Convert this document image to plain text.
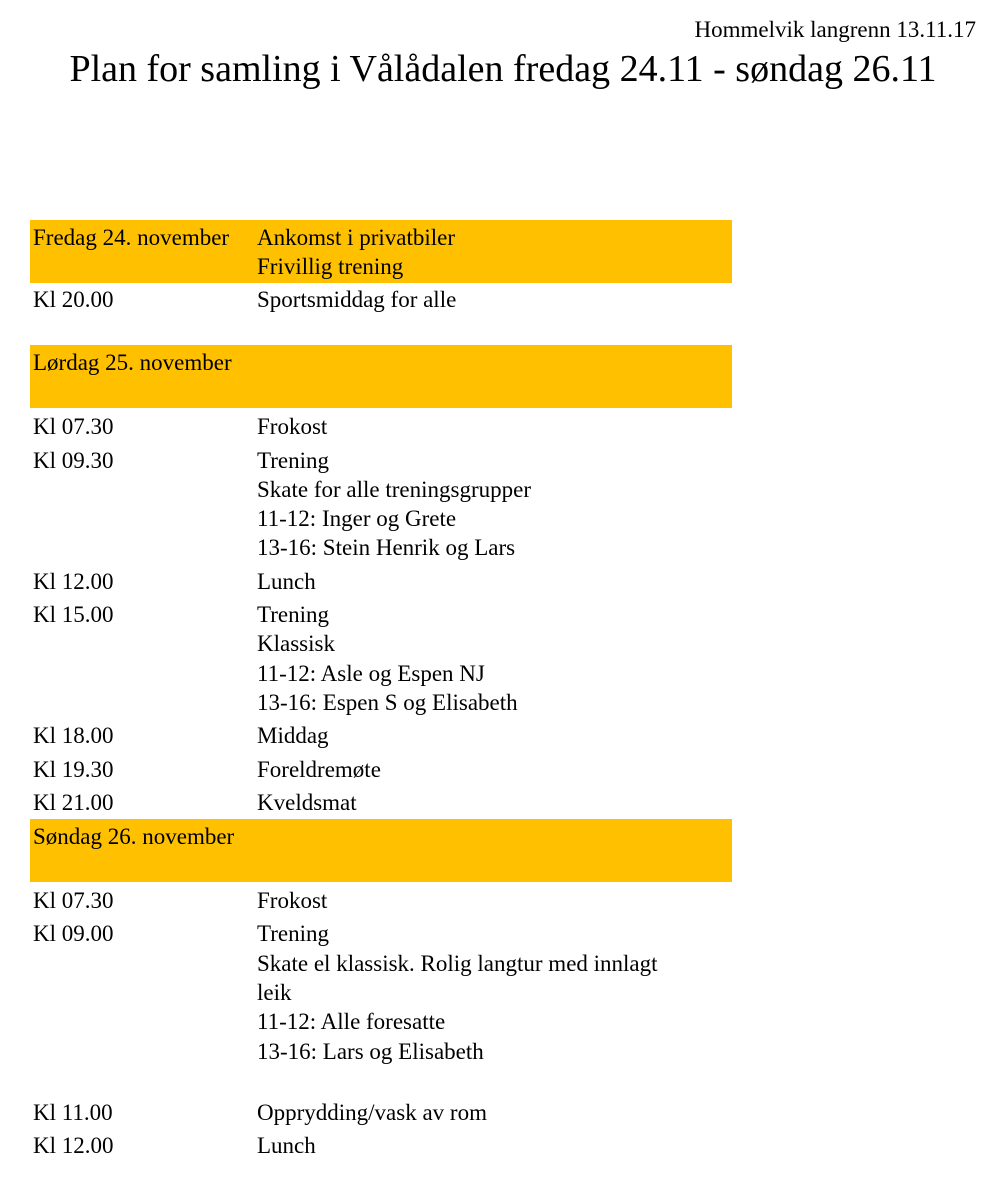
Hommelvik langrenn 13.11.17
Plan for samling i Vålådalen fredag 24.11 - søndag 26.11
Fredag 24. november	Ankomst i privatbiler
Frivillig trening
Kl 20.00	Sportsmiddag for alle
Lørdag 25. november
Kl 07.30	Frokost
Kl 09.30	Trening
Skate for alle treningsgrupper
11-12: Inger og Grete
13-16: Stein Henrik og Lars
Kl 12.00	Lunch
Kl 15.00	Trening
Klassisk
11-12: Asle og Espen NJ
13-16: Espen S og Elisabeth
Kl 18.00	Middag
Kl 19.30	Foreldremøte
Kl 21.00	Kveldsmat
Søndag 26. november
Kl 07.30	Frokost
Kl 09.00	Trening
Skate el klassisk. Rolig langtur med innlagt
leik
11-12: Alle foresatte
13-16: Lars og Elisabeth
Kl 11.00	Opprydding/vask av rom
Kl 12.00	Lunch
